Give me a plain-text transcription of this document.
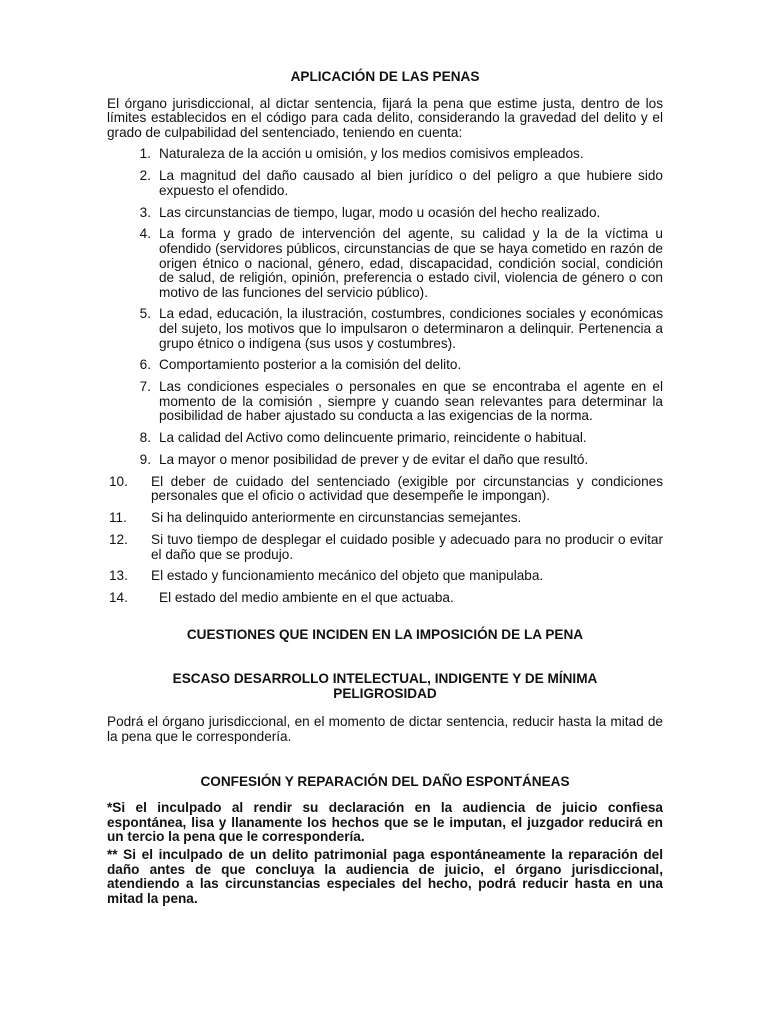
APLICACIÓN DE LAS PENAS

El órgano jurisdiccional, al dictar sentencia, fijará la pena que estime justa, dentro de los límites establecidos en el código para cada delito, considerando la gravedad del delito y el grado de culpabilidad del sentenciado, teniendo en cuenta:

1. Naturaleza de la acción u omisión, y los medios comisivos empleados.
2. La magnitud del daño causado al bien jurídico o del peligro a que hubiere sido expuesto el ofendido.
3. Las circunstancias de tiempo, lugar, modo u ocasión del hecho realizado.
4. La forma y grado de intervención del agente, su calidad y la de la víctima u ofendido (servidores públicos, circunstancias de que se haya cometido en razón de origen étnico o nacional, género, edad, discapacidad, condición social, condición de salud, de religión, opinión, preferencia o estado civil, violencia de género o con motivo de las funciones del servicio público).
5. La edad, educación, la ilustración, costumbres, condiciones sociales y económicas del sujeto, los motivos que lo impulsaron o determinaron a delinquir. Pertenencia a grupo étnico o indígena (sus usos y costumbres).
6. Comportamiento posterior a la comisión del delito.
7. Las condiciones especiales o personales en que se encontraba el agente en el momento de la comisión , siempre y cuando sean relevantes para determinar la posibilidad de haber ajustado su conducta a las exigencias de la norma.
8. La calidad del Activo como delincuente primario, reincidente o habitual.
9. La mayor o menor posibilidad de prever y de evitar el daño que resultó.
10.	El deber de cuidado del sentenciado (exigible por circunstancias y condiciones personales que el oficio o actividad que desempeñe le impongan).
11.	Si ha delinquido anteriormente en circunstancias semejantes.
12.	Si tuvo tiempo de desplegar el cuidado posible y adecuado para no producir o evitar el daño que se produjo.
13.	El estado y funcionamiento mecánico del objeto que manipulaba.
14.	El estado del medio ambiente en el que actuaba.

CUESTIONES QUE INCIDEN EN LA IMPOSICIÓN DE LA PENA

ESCASO DESARROLLO INTELECTUAL, INDIGENTE Y DE MÍNIMA

PELIGROSIDAD

Podrá el órgano jurisdiccional, en el momento de dictar sentencia, reducir hasta la mitad de la pena que le correspondería.

CONFESIÓN Y REPARACIÓN DEL DAÑO ESPONTÁNEAS

*Si el inculpado al rendir su declaración en la audiencia de juicio confiesa espontánea, lisa y llanamente los hechos que se le imputan, el juzgador reducirá en un tercio la pena que le correspondería.

** Si el inculpado de un delito patrimonial paga espontáneamente la reparación del daño antes de que concluya la audiencia de juicio, el órgano jurisdiccional, atendiendo a las circunstancias especiales del hecho, podrá reducir hasta en una mitad la pena.
